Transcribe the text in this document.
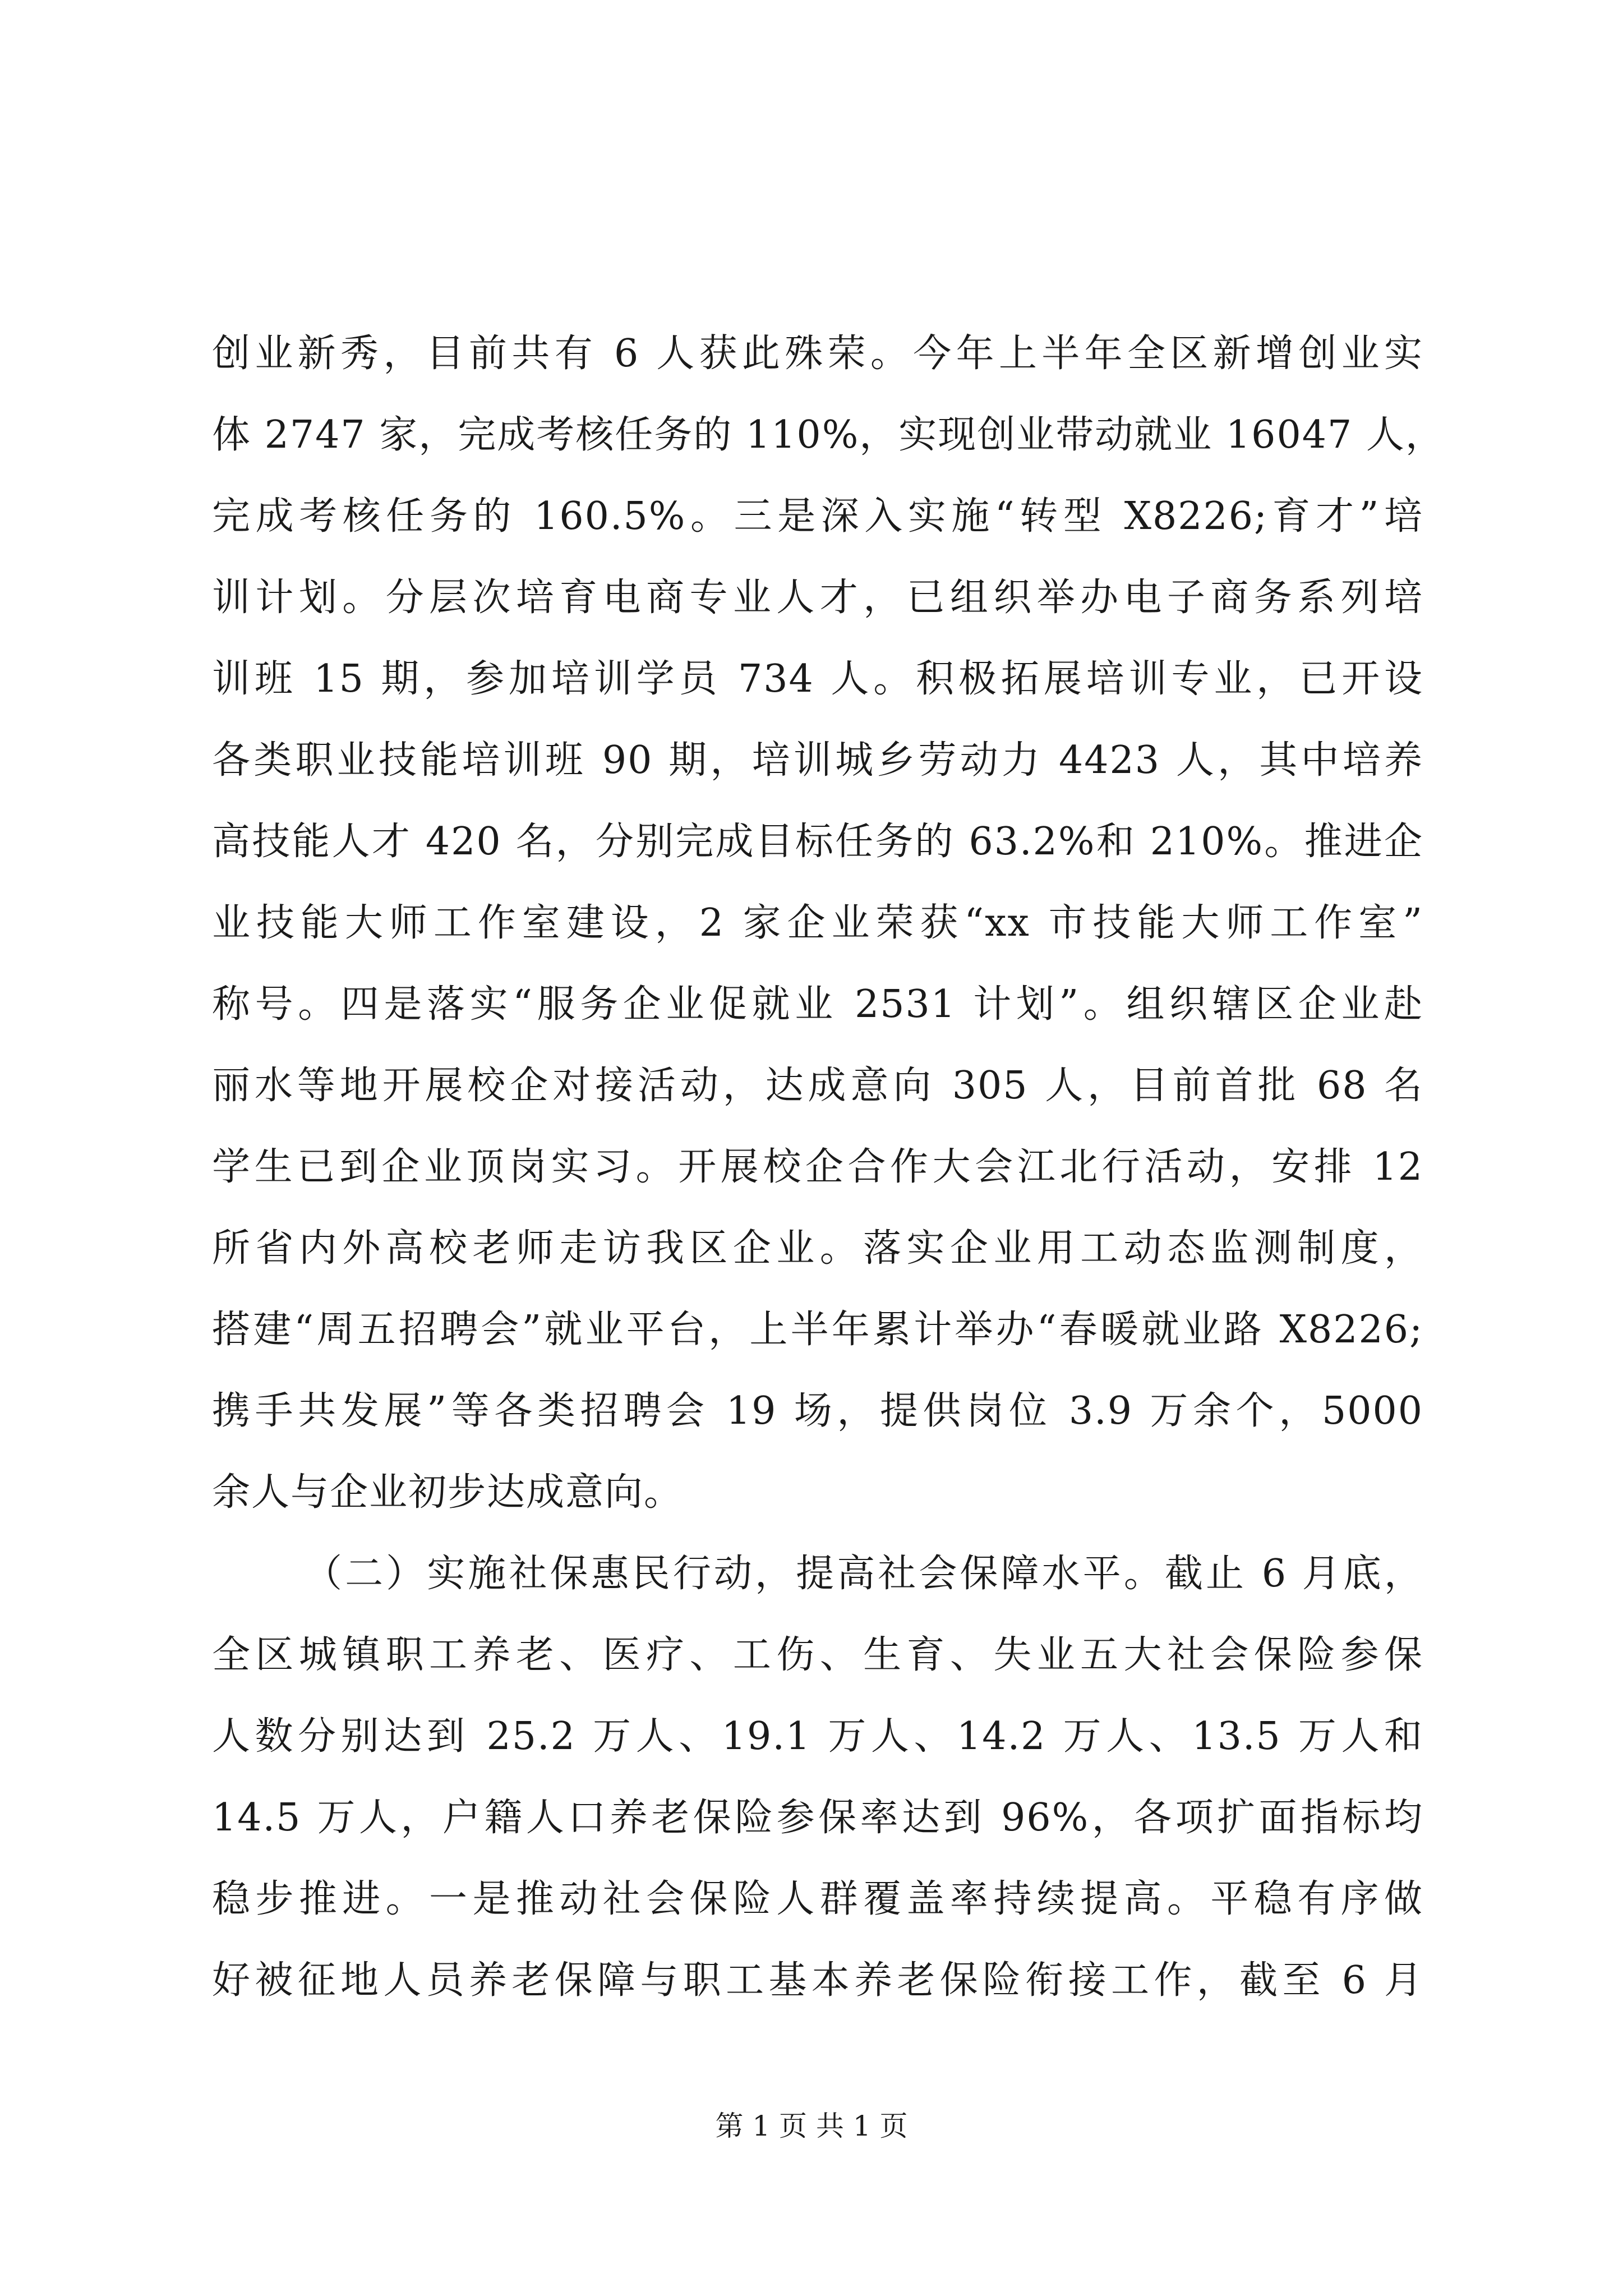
创业新秀，目前共有 6 人获此殊荣。今年上半年全区新增创业实
体 2747 家，完成考核任务的 110%，实现创业带动就业 16047 人，
完成考核任务的 160.5%。三是深入实施“转型 X8226;育才”培
训计划。分层次培育电商专业人才，已组织举办电子商务系列培
训班 15 期，参加培训学员 734 人。积极拓展培训专业，已开设
各类职业技能培训班 90 期，培训城乡劳动力 4423 人，其中培养
高技能人才 420 名，分别完成目标任务的 63.2%和 210%。推进企
业技能大师工作室建设，2 家企业荣获“xx 市技能大师工作室”
称号。四是落实“服务企业促就业 2531 计划”。组织辖区企业赴
丽水等地开展校企对接活动，达成意向 305 人，目前首批 68 名
学生已到企业顶岗实习。开展校企合作大会江北行活动，安排 12
所省内外高校老师走访我区企业。落实企业用工动态监测制度，
搭建“周五招聘会”就业平台，上半年累计举办“春暖就业路 X8226;
携手共发展”等各类招聘会 19 场，提供岗位 3.9 万余个，5000
余人与企业初步达成意向。
（二）实施社保惠民行动，提高社会保障水平。截止 6 月底，
全区城镇职工养老、医疗、工伤、生育、失业五大社会保险参保
人数分别达到 25.2 万人、19.1 万人、14.2 万人、13.5 万人和
14.5 万人，户籍人口养老保险参保率达到 96%，各项扩面指标均
稳步推进。一是推动社会保险人群覆盖率持续提高。平稳有序做
好被征地人员养老保障与职工基本养老保险衔接工作，截至 6 月
第 1 页 共 1 页
